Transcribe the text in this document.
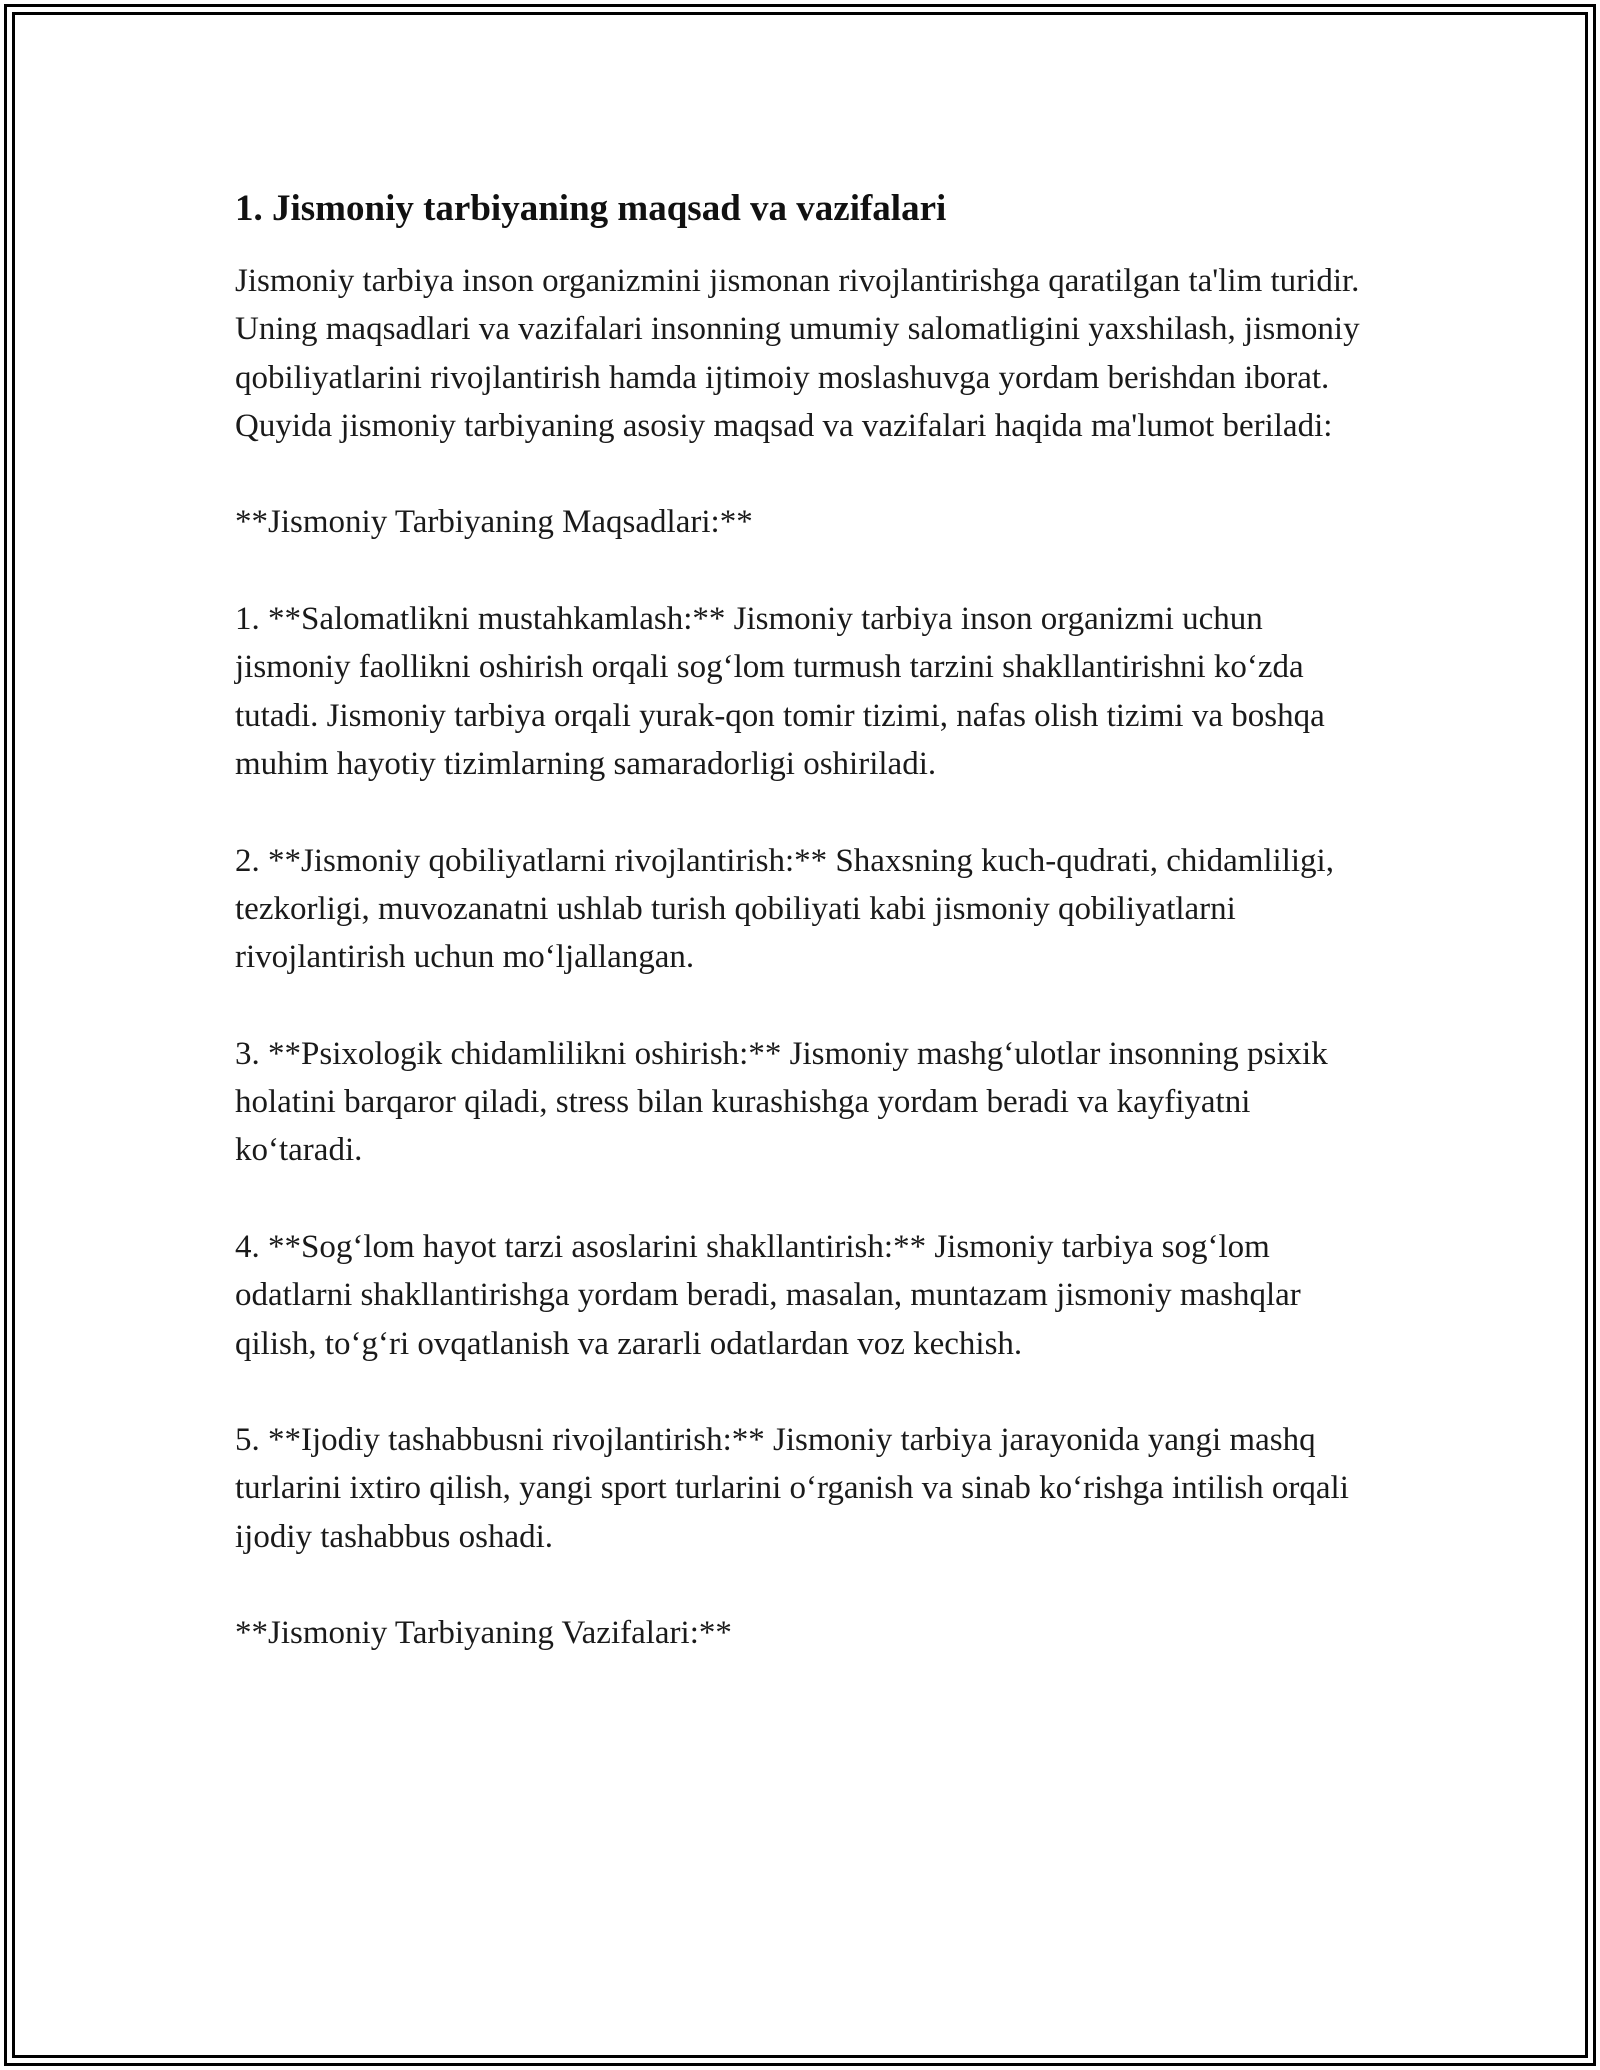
1. Jismoniy tarbiyaning maqsad va vazifalari

Jismoniy tarbiya inson organizmini jismonan rivojlantirishga qaratilgan ta'lim turidir. Uning maqsadlari va vazifalari insonning umumiy salomatligini yaxshilash, jismoniy qobiliyatlarini rivojlantirish hamda ijtimoiy moslashuvga yordam berishdan iborat. Quyida jismoniy tarbiyaning asosiy maqsad va vazifalari haqida ma'lumot beriladi:

**Jismoniy Tarbiyaning Maqsadlari:**

1. **Salomatlikni mustahkamlash:** Jismoniy tarbiya inson organizmi uchun jismoniy faollikni oshirish orqali sog‘lom turmush tarzini shakllantirishni ko‘zda tutadi. Jismoniy tarbiya orqali yurak-qon tomir tizimi, nafas olish tizimi va boshqa muhim hayotiy tizimlarning samaradorligi oshiriladi.

2. **Jismoniy qobiliyatlarni rivojlantirish:** Shaxsning kuch-qudrati, chidamliligi, tezkorligi, muvozanatni ushlab turish qobiliyati kabi jismoniy qobiliyatlarni rivojlantirish uchun mo‘ljallangan.

3. **Psixologik chidamlilikni oshirish:** Jismoniy mashg‘ulotlar insonning psixik holatini barqaror qiladi, stress bilan kurashishga yordam beradi va kayfiyatni ko‘taradi.

4. **Sog‘lom hayot tarzi asoslarini shakllantirish:** Jismoniy tarbiya sog‘lom odatlarni shakllantirishga yordam beradi, masalan, muntazam jismoniy mashqlar qilish, to‘g‘ri ovqatlanish va zararli odatlardan voz kechish.

5. **Ijodiy tashabbusni rivojlantirish:** Jismoniy tarbiya jarayonida yangi mashq turlarini ixtiro qilish, yangi sport turlarini o‘rganish va sinab ko‘rishga intilish orqali ijodiy tashabbus oshadi.

**Jismoniy Tarbiyaning Vazifalari:**
